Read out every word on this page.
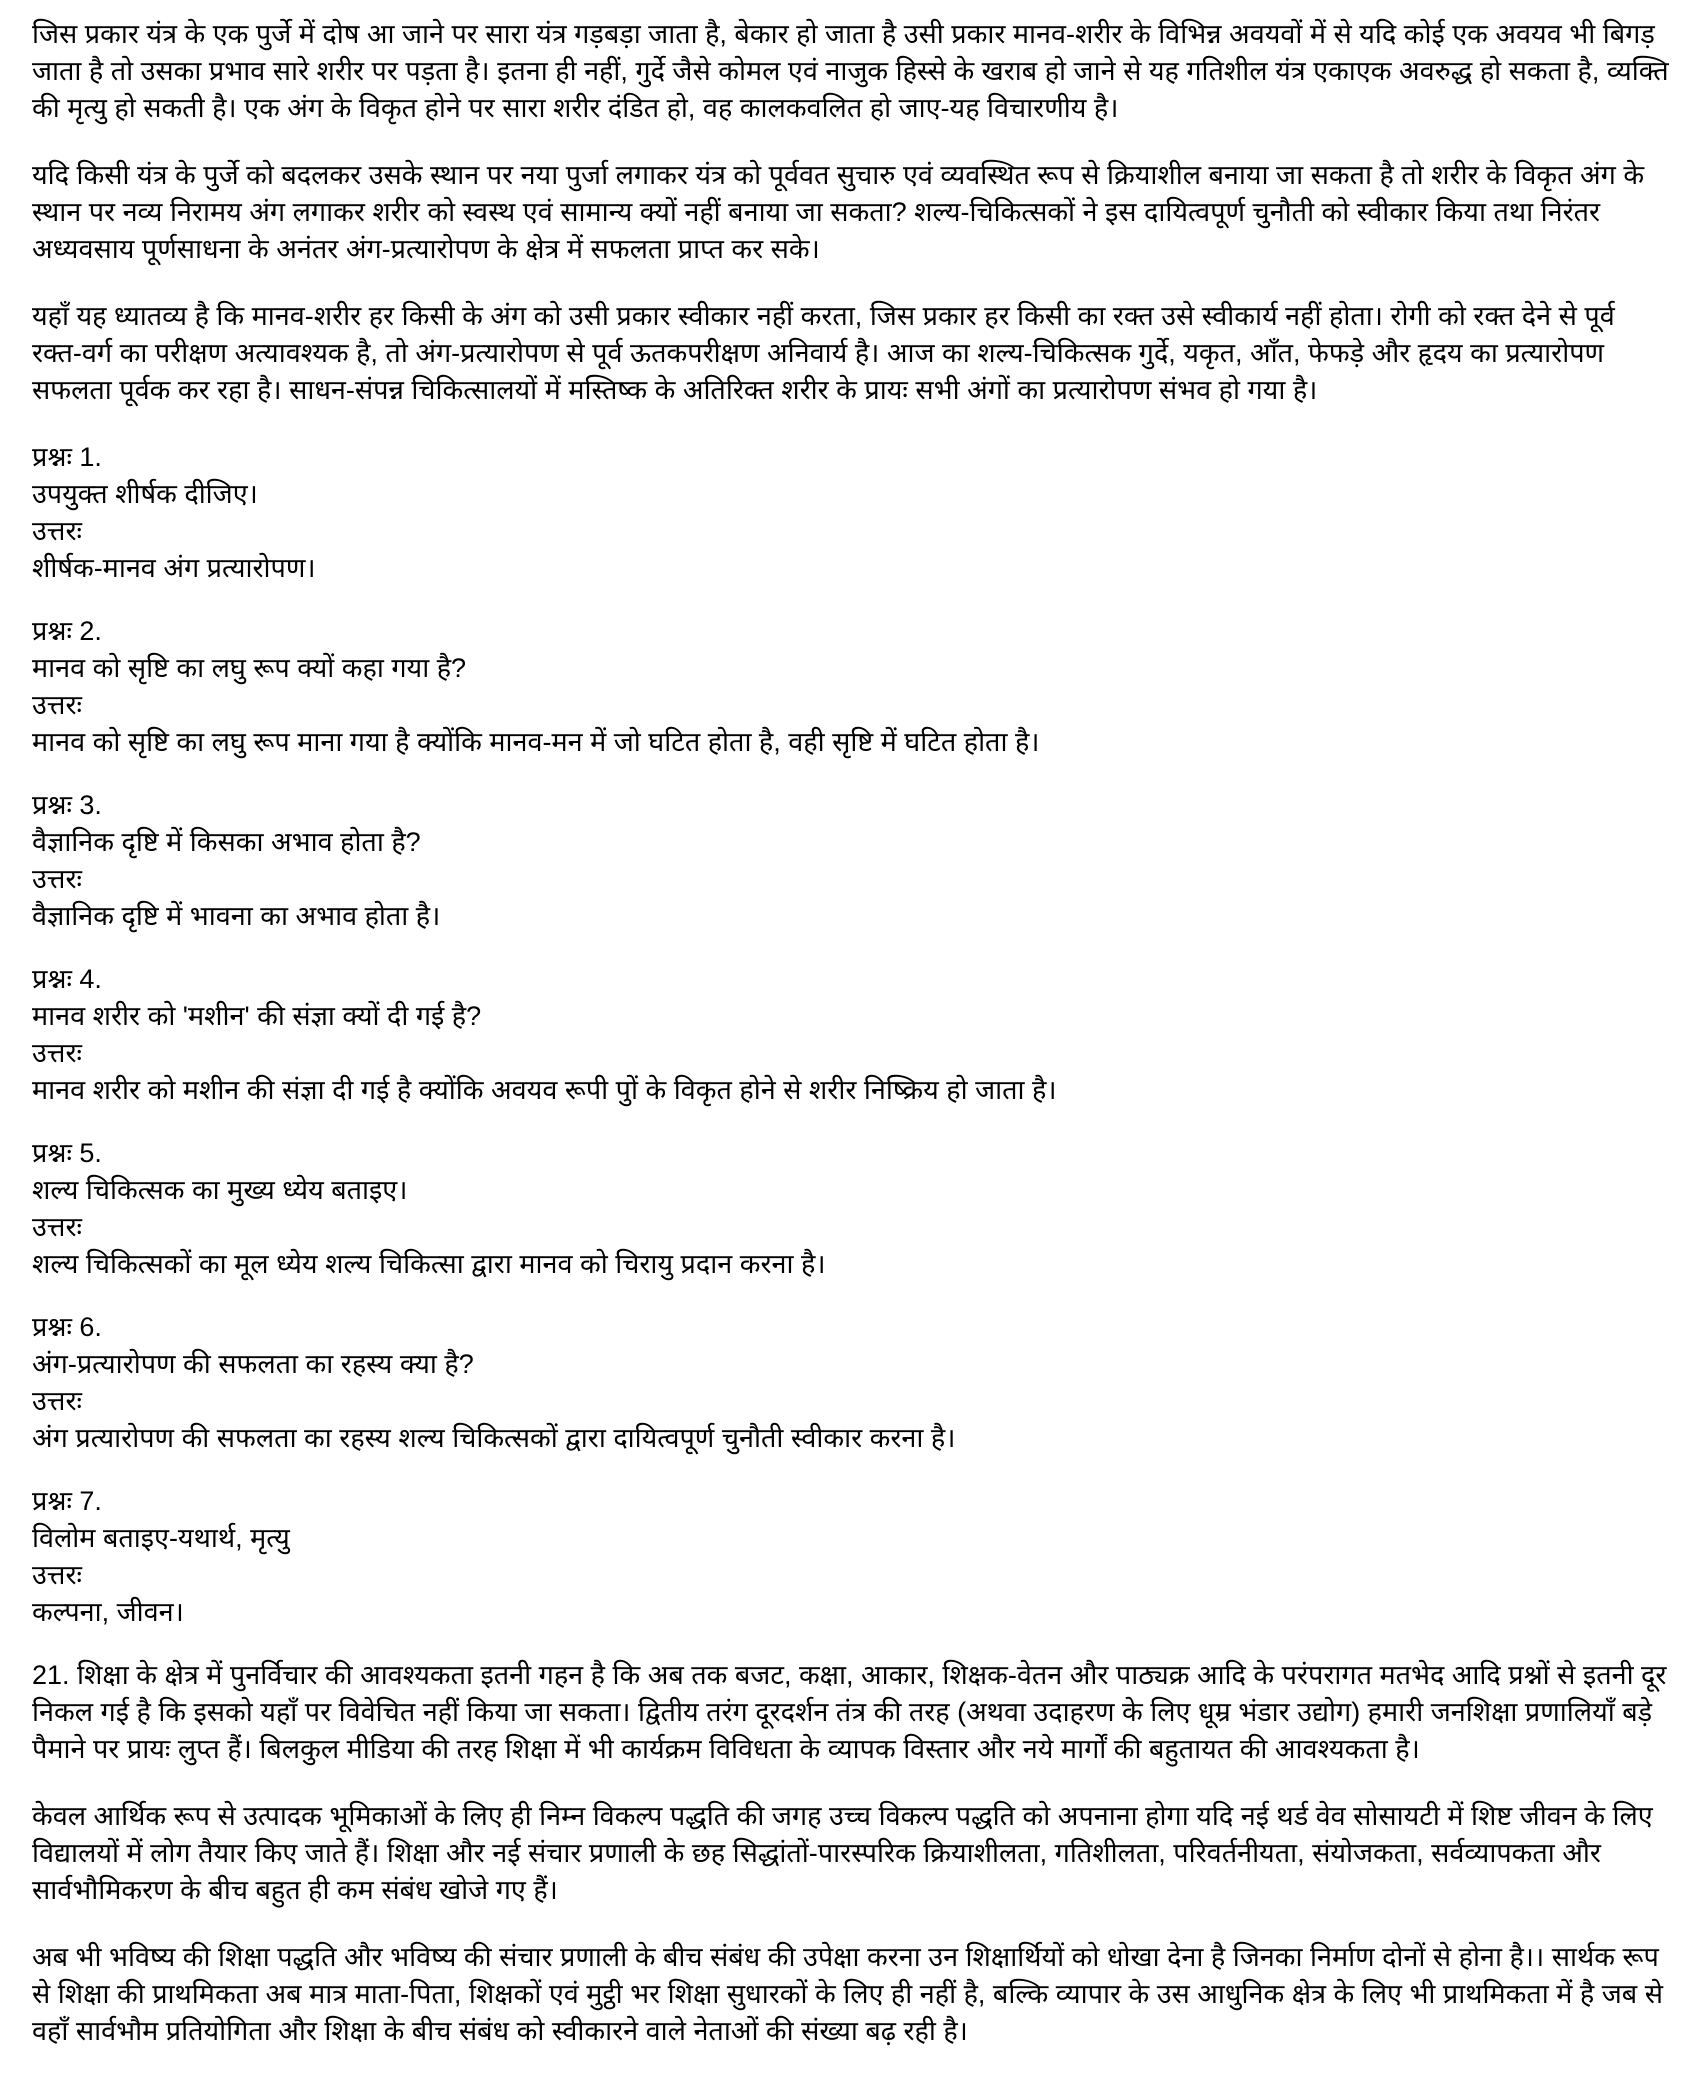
जिस प्रकार यंत्र के एक पुर्जे में दोष आ जाने पर सारा यंत्र गड़बड़ा जाता है, बेकार हो जाता है उसी प्रकार मानव-शरीर के विभिन्न अवयवों में से यदि कोई एक अवयव भी बिगड़ जाता है तो उसका प्रभाव सारे शरीर पर पड़ता है। इतना ही नहीं, गुर्दे जैसे कोमल एवं नाजुक हिस्से के खराब हो जाने से यह गतिशील यंत्र एकाएक अवरुद्ध हो सकता है, व्यक्ति की मृत्यु हो सकती है। एक अंग के विकृत होने पर सारा शरीर दंडित हो, वह कालकवलित हो जाए-यह विचारणीय है।

यदि किसी यंत्र के पुर्जे को बदलकर उसके स्थान पर नया पुर्जा लगाकर यंत्र को पूर्ववत सुचारु एवं व्यवस्थित रूप से क्रियाशील बनाया जा सकता है तो शरीर के विकृत अंग के स्थान पर नव्य निरामय अंग लगाकर शरीर को स्वस्थ एवं सामान्य क्यों नहीं बनाया जा सकता? शल्य-चिकित्सकों ने इस दायित्वपूर्ण चुनौती को स्वीकार किया तथा निरंतर अध्यवसाय पूर्णसाधना के अनंतर अंग-प्रत्यारोपण के क्षेत्र में सफलता प्राप्त कर सके।

यहाँ यह ध्यातव्य है कि मानव-शरीर हर किसी के अंग को उसी प्रकार स्वीकार नहीं करता, जिस प्रकार हर किसी का रक्त उसे स्वीकार्य नहीं होता। रोगी को रक्त देने से पूर्व रक्त-वर्ग का परीक्षण अत्यावश्यक है, तो अंग-प्रत्यारोपण से पूर्व ऊतकपरीक्षण अनिवार्य है। आज का शल्य-चिकित्सक गुर्दे, यकृत, आँत, फेफड़े और हृदय का प्रत्यारोपण सफलता पूर्वक कर रहा है। साधन-संपन्न चिकित्सालयों में मस्तिष्क के अतिरिक्त शरीर के प्रायः सभी अंगों का प्रत्यारोपण संभव हो गया है।

प्रश्नः 1.
उपयुक्त शीर्षक दीजिए।
उत्तरः
शीर्षक-मानव अंग प्रत्यारोपण।
प्रश्नः 2.
मानव को सृष्टि का लघु रूप क्यों कहा गया है?
उत्तरः
मानव को सृष्टि का लघु रूप माना गया है क्योंकि मानव-मन में जो घटित होता है, वही सृष्टि में घटित होता है।
प्रश्नः 3.
वैज्ञानिक दृष्टि में किसका अभाव होता है?
उत्तरः
वैज्ञानिक दृष्टि में भावना का अभाव होता है।
प्रश्नः 4.
मानव शरीर को 'मशीन' की संज्ञा क्यों दी गई है?
उत्तरः
मानव शरीर को मशीन की संज्ञा दी गई है क्योंकि अवयव रूपी पुों के विकृत होने से शरीर निष्क्रिय हो जाता है।
प्रश्नः 5.
शल्य चिकित्सक का मुख्य ध्येय बताइए।
उत्तरः
शल्य चिकित्सकों का मूल ध्येय शल्य चिकित्सा द्वारा मानव को चिरायु प्रदान करना है।
प्रश्नः 6.
अंग-प्रत्यारोपण की सफलता का रहस्य क्या है?
उत्तरः
अंग प्रत्यारोपण की सफलता का रहस्य शल्य चिकित्सकों द्वारा दायित्वपूर्ण चुनौती स्वीकार करना है।
प्रश्नः 7.
विलोम बताइए-यथार्थ, मृत्यु
उत्तरः
कल्पना, जीवन।

21. शिक्षा के क्षेत्र में पुनर्विचार की आवश्यकता इतनी गहन है कि अब तक बजट, कक्षा, आकार, शिक्षक-वेतन और पाठ्यक्र आदि के परंपरागत मतभेद आदि प्रश्नों से इतनी दूर निकल गई है कि इसको यहाँ पर विवेचित नहीं किया जा सकता। द्वितीय तरंग दूरदर्शन तंत्र की तरह (अथवा उदाहरण के लिए धूम्र भंडार उद्योग) हमारी जनशिक्षा प्रणालियाँ बड़े पैमाने पर प्रायः लुप्त हैं। बिलकुल मीडिया की तरह शिक्षा में भी कार्यक्रम विविधता के व्यापक विस्तार और नये मार्गों की बहुतायत की आवश्यकता है।

केवल आर्थिक रूप से उत्पादक भूमिकाओं के लिए ही निम्न विकल्प पद्धति की जगह उच्च विकल्प पद्धति को अपनाना होगा यदि नई थर्ड वेव सोसायटी में शिष्ट जीवन के लिए विद्यालयों में लोग तैयार किए जाते हैं। शिक्षा और नई संचार प्रणाली के छह सिद्धांतों-पारस्परिक क्रियाशीलता, गतिशीलता, परिवर्तनीयता, संयोजकता, सर्वव्यापकता और सार्वभौमिकरण के बीच बहुत ही कम संबंध खोजे गए हैं।

अब भी भविष्य की शिक्षा पद्धति और भविष्य की संचार प्रणाली के बीच संबंध की उपेक्षा करना उन शिक्षार्थियों को धोखा देना है जिनका निर्माण दोनों से होना है।। सार्थक रूप से शिक्षा की प्राथमिकता अब मात्र माता-पिता, शिक्षकों एवं मुट्ठी भर शिक्षा सुधारकों के लिए ही नहीं है, बल्कि व्यापार के उस आधुनिक क्षेत्र के लिए भी प्राथमिकता में है जब से वहाँ सार्वभौम प्रतियोगिता और शिक्षा के बीच संबंध को स्वीकारने वाले नेताओं की संख्या बढ़ रही है।
